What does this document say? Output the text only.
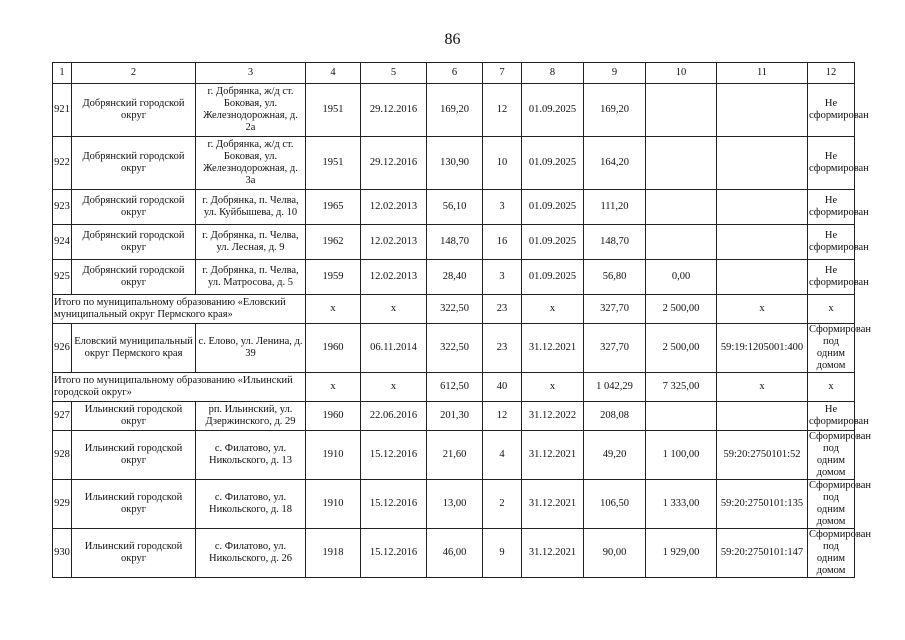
86
1	2	3	4	5	6	7	8	9	10	11	12
921	Добрянский городской округ	г. Добрянка, ж/д ст. Боковая, ул. Железнодорожная, д. 2а	1951	29.12.2016	169,20	12	01.09.2025	169,20			Не сформирован
922	Добрянский городской округ	г. Добрянка, ж/д ст. Боковая, ул. Железнодорожная, д. 3а	1951	29.12.2016	130,90	10	01.09.2025	164,20			Не сформирован
923	Добрянский городской округ	г. Добрянка, п. Челва, ул. Куйбышева, д. 10	1965	12.02.2013	56,10	3	01.09.2025	111,20			Не сформирован
924	Добрянский городской округ	г. Добрянка, п. Челва, ул. Лесная, д. 9	1962	12.02.2013	148,70	16	01.09.2025	148,70			Не сформирован
925	Добрянский городской округ	г. Добрянка, п. Челва, ул. Матросова, д. 5	1959	12.02.2013	28,40	3	01.09.2025	56,80	0,00		Не сформирован
Итого по муниципальному образованию «Еловский муниципальный округ Пермского края»			х	х	322,50	23	х	327,70	2 500,00	х	х
926	Еловский муниципальный округ Пермского края	с. Елово, ул. Ленина, д. 39	1960	06.11.2014	322,50	23	31.12.2021	327,70	2 500,00	59:19:1205001:400	Сформирован под одним домом
Итого по муниципальному образованию «Ильинский городской округ»			х	х	612,50	40	х	1 042,29	7 325,00	х	х
927	Ильинский городской округ	рп. Ильинский, ул. Дзержинского, д. 29	1960	22.06.2016	201,30	12	31.12.2022	208,08			Не сформирован
928	Ильинский городской округ	с. Филатово, ул. Никольского, д. 13	1910	15.12.2016	21,60	4	31.12.2021	49,20	1 100,00	59:20:2750101:52	Сформирован под одним домом
929	Ильинский городской округ	с. Филатово, ул. Никольского, д. 18	1910	15.12.2016	13,00	2	31.12.2021	106,50	1 333,00	59:20:2750101:135	Сформирован под одним домом
930	Ильинский городской округ	с. Филатово, ул. Никольского, д. 26	1918	15.12.2016	46,00	9	31.12.2021	90,00	1 929,00	59:20:2750101:147	Сформирован под одним домом
